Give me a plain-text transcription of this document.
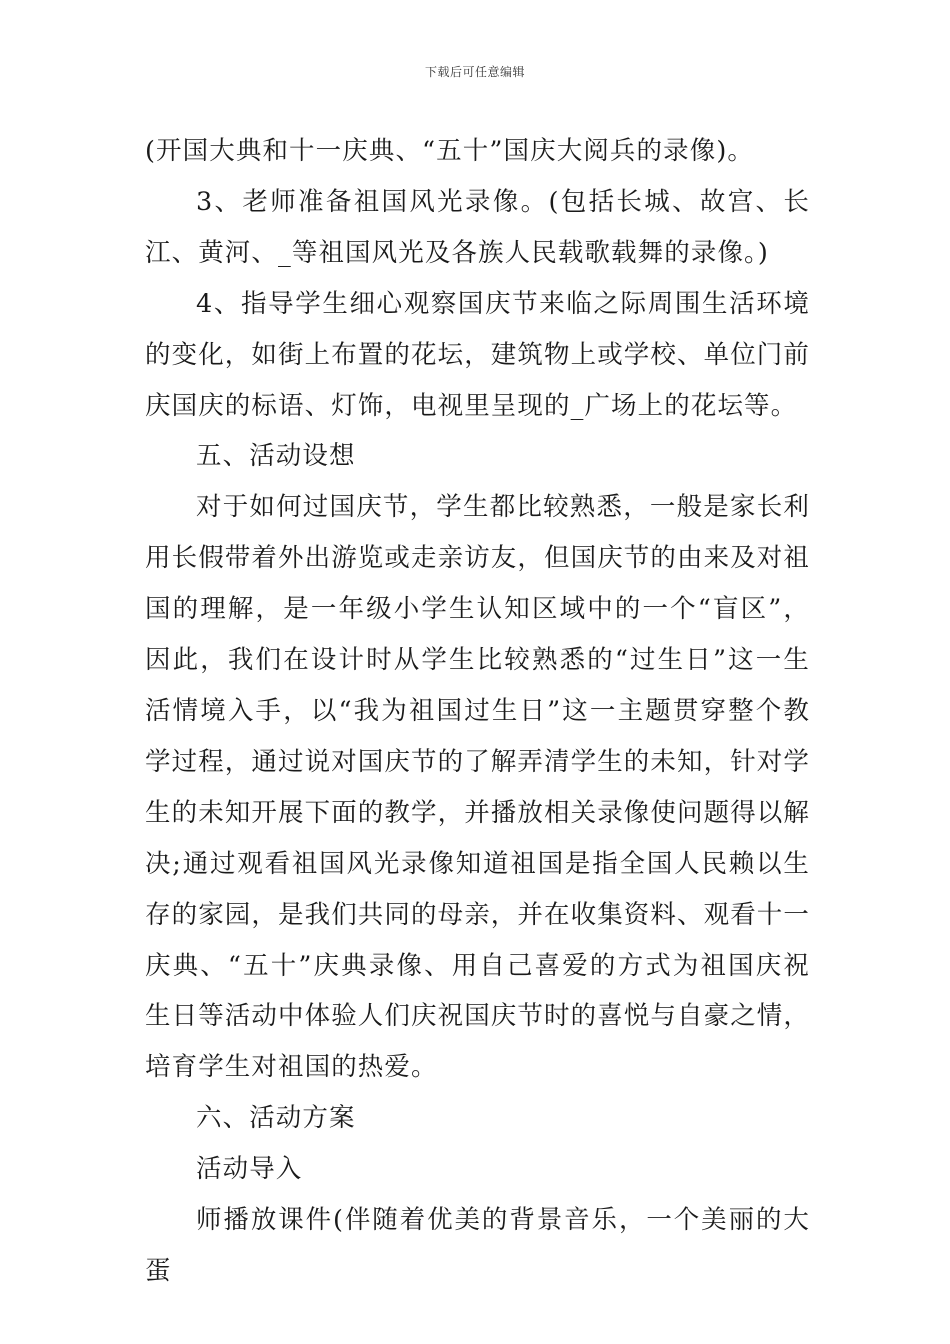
下载后可任意编辑

(开国大典和十一庆典、“五十”国庆大阅兵的录像)。

3、老师准备祖国风光录像。(包括长城、故宫、长江、黄河、_等祖国风光及各族人民载歌载舞的录像。)

4、指导学生细心观察国庆节来临之际周围生活环境的变化，如街上布置的花坛，建筑物上或学校、单位门前庆国庆的标语、灯饰，电视里呈现的_广场上的花坛等。

五、活动设想

对于如何过国庆节，学生都比较熟悉，一般是家长利用长假带着外出游览或走亲访友，但国庆节的由来及对祖国的理解，是一年级小学生认知区域中的一个“盲区”，因此，我们在设计时从学生比较熟悉的“过生日”这一生活情境入手，以“我为祖国过生日”这一主题贯穿整个教学过程，通过说对国庆节的了解弄清学生的未知，针对学生的未知开展下面的教学，并播放相关录像使问题得以解决;通过观看祖国风光录像知道祖国是指全国人民赖以生存的家园，是我们共同的母亲，并在收集资料、观看十一庆典、“五十”庆典录像、用自己喜爱的方式为祖国庆祝生日等活动中体验人们庆祝国庆节时的喜悦与自豪之情，培育学生对祖国的热爱。

六、活动方案

活动导入

师播放课件(伴随着优美的背景音乐，一个美丽的大蛋
